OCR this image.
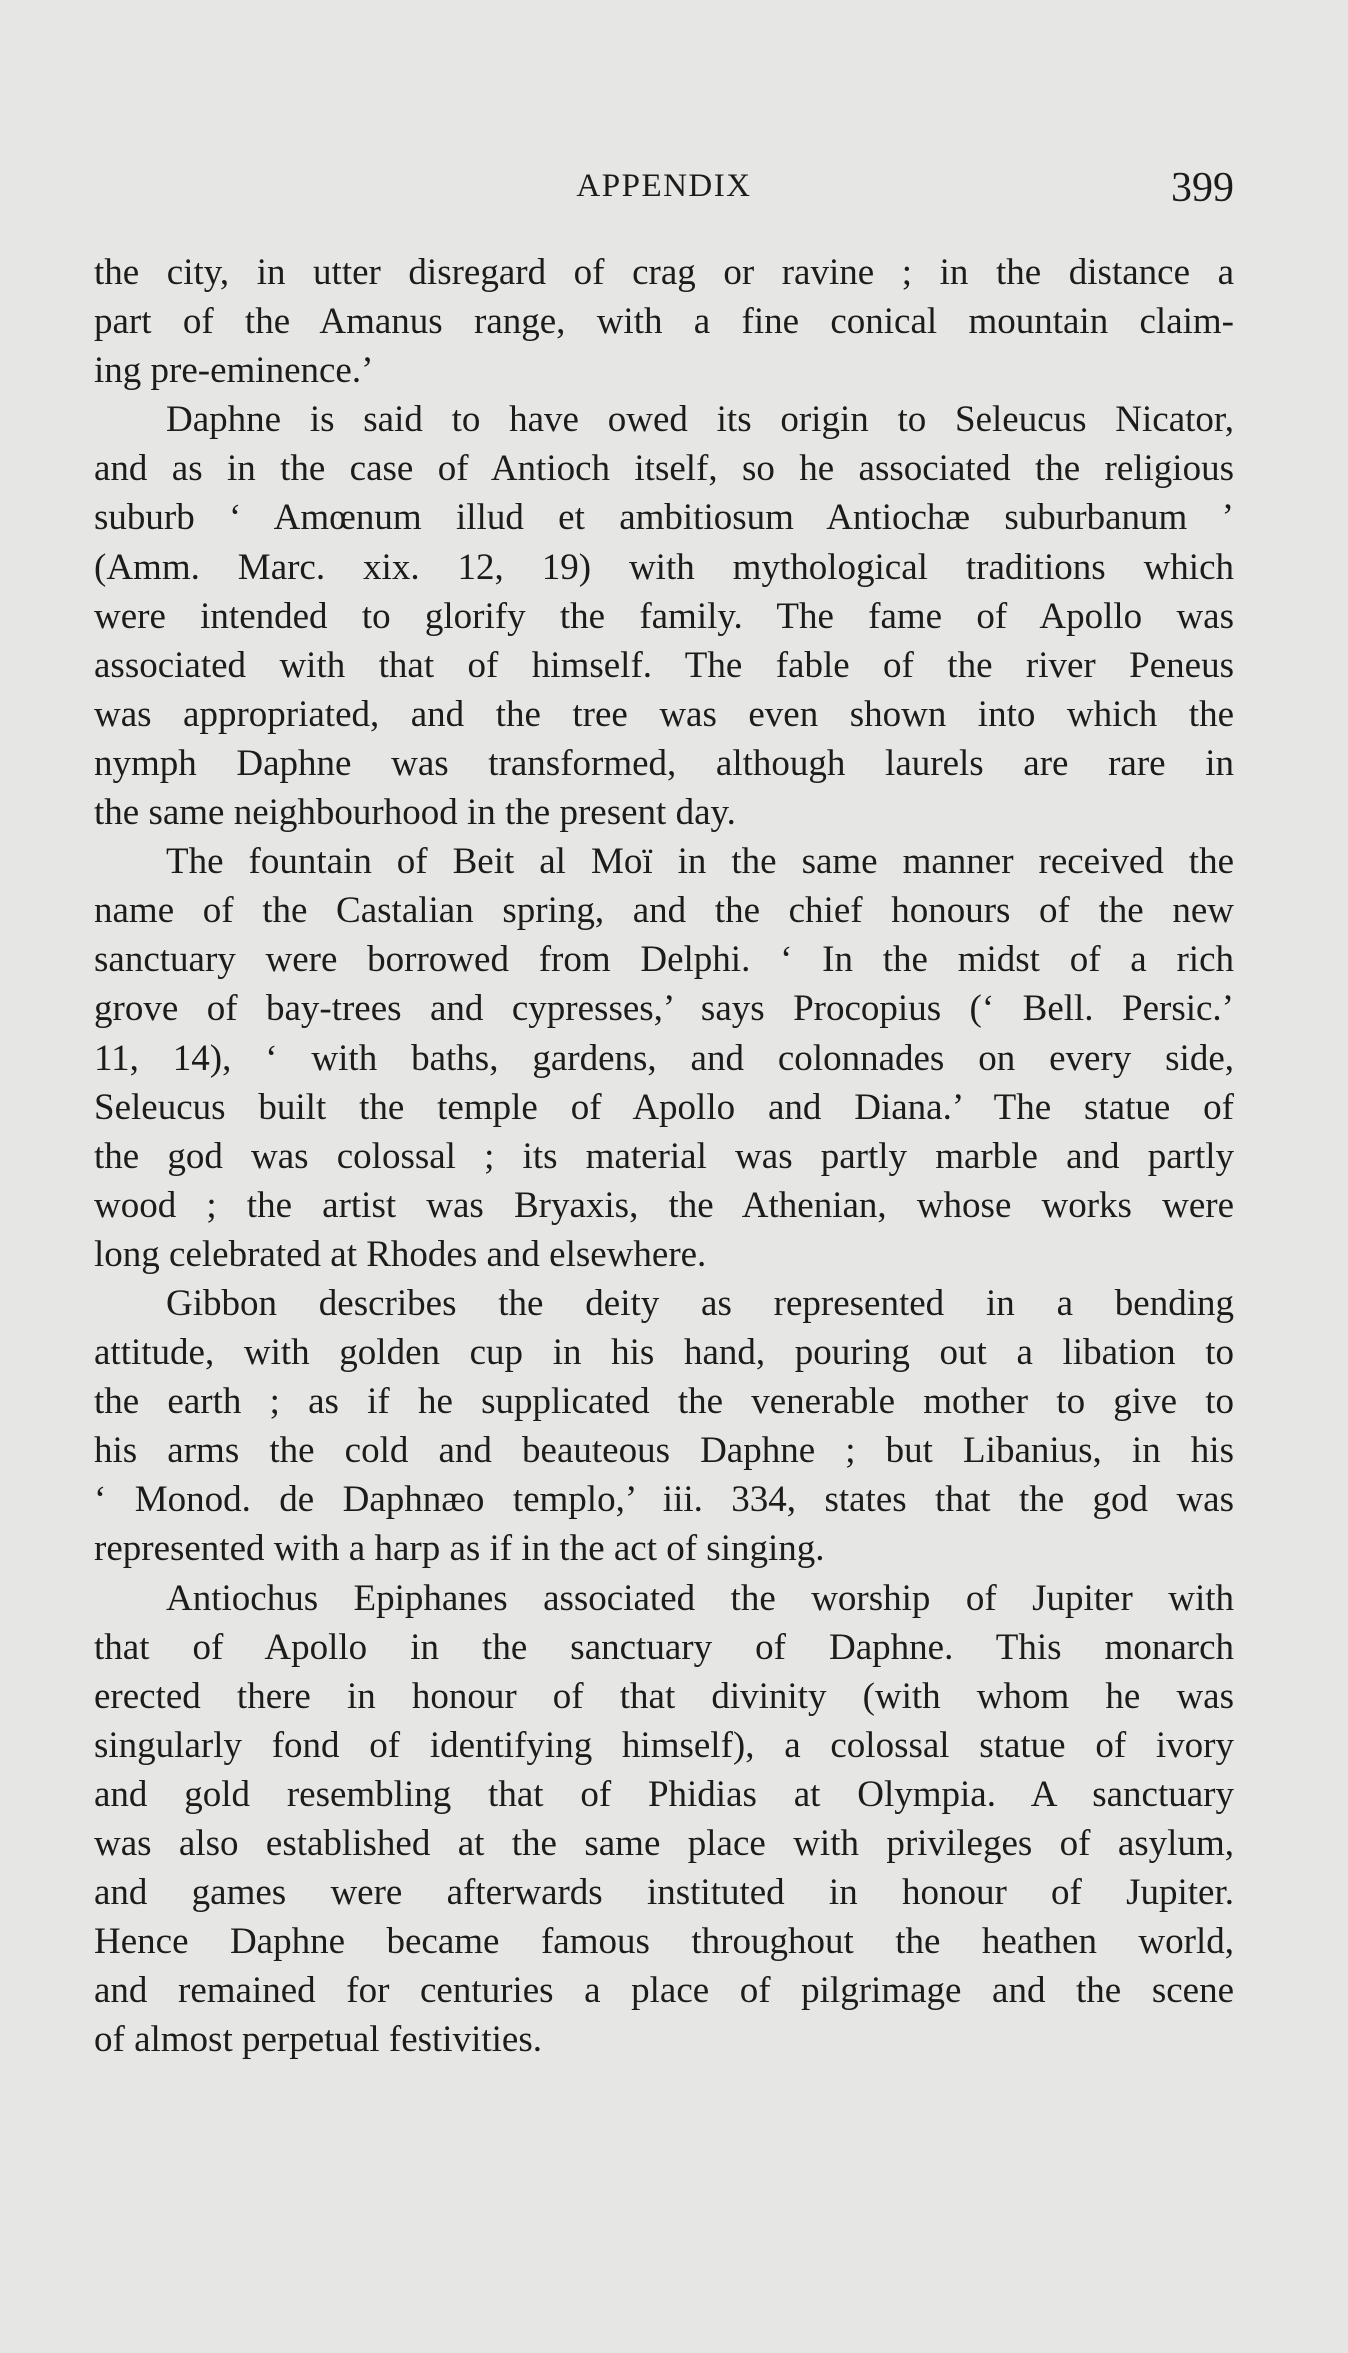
APPENDIX	399

the city, in utter disregard of crag or ravine ; in the distance a
part of the Amanus range, with a fine conical mountain claim-
ing pre-eminence.’

Daphne is said to have owed its origin to Seleucus Nicator,
and as in the case of Antioch itself, so he associated the religious
suburb ‘ Amœnum illud et ambitiosum Antiochæ suburbanum ’
(Amm. Marc. xix. 12, 19) with mythological traditions which
were intended to glorify the family. The fame of Apollo was
associated with that of himself. The fable of the river Peneus
was appropriated, and the tree was even shown into which the
nymph Daphne was transformed, although laurels are rare in
the same neighbourhood in the present day.

The fountain of Beit al Moï in the same manner received the
name of the Castalian spring, and the chief honours of the new
sanctuary were borrowed from Delphi. ‘ In the midst of a rich
grove of bay-trees and cypresses,’ says Procopius (‘ Bell. Persic.’
11, 14), ‘ with baths, gardens, and colonnades on every side,
Seleucus built the temple of Apollo and Diana.’ The statue of
the god was colossal ; its material was partly marble and partly
wood ; the artist was Bryaxis, the Athenian, whose works were
long celebrated at Rhodes and elsewhere.

Gibbon describes the deity as represented in a bending
attitude, with golden cup in his hand, pouring out a libation to
the earth ; as if he supplicated the venerable mother to give to
his arms the cold and beauteous Daphne ; but Libanius, in his
‘ Monod. de Daphnæo templo,’ iii. 334, states that the god was
represented with a harp as if in the act of singing.

Antiochus Epiphanes associated the worship of Jupiter with
that of Apollo in the sanctuary of Daphne. This monarch
erected there in honour of that divinity (with whom he was
singularly fond of identifying himself), a colossal statue of ivory
and gold resembling that of Phidias at Olympia. A sanctuary
was also established at the same place with privileges of asylum,
and games were afterwards instituted in honour of Jupiter.
Hence Daphne became famous throughout the heathen world,
and remained for centuries a place of pilgrimage and the scene
of almost perpetual festivities.
